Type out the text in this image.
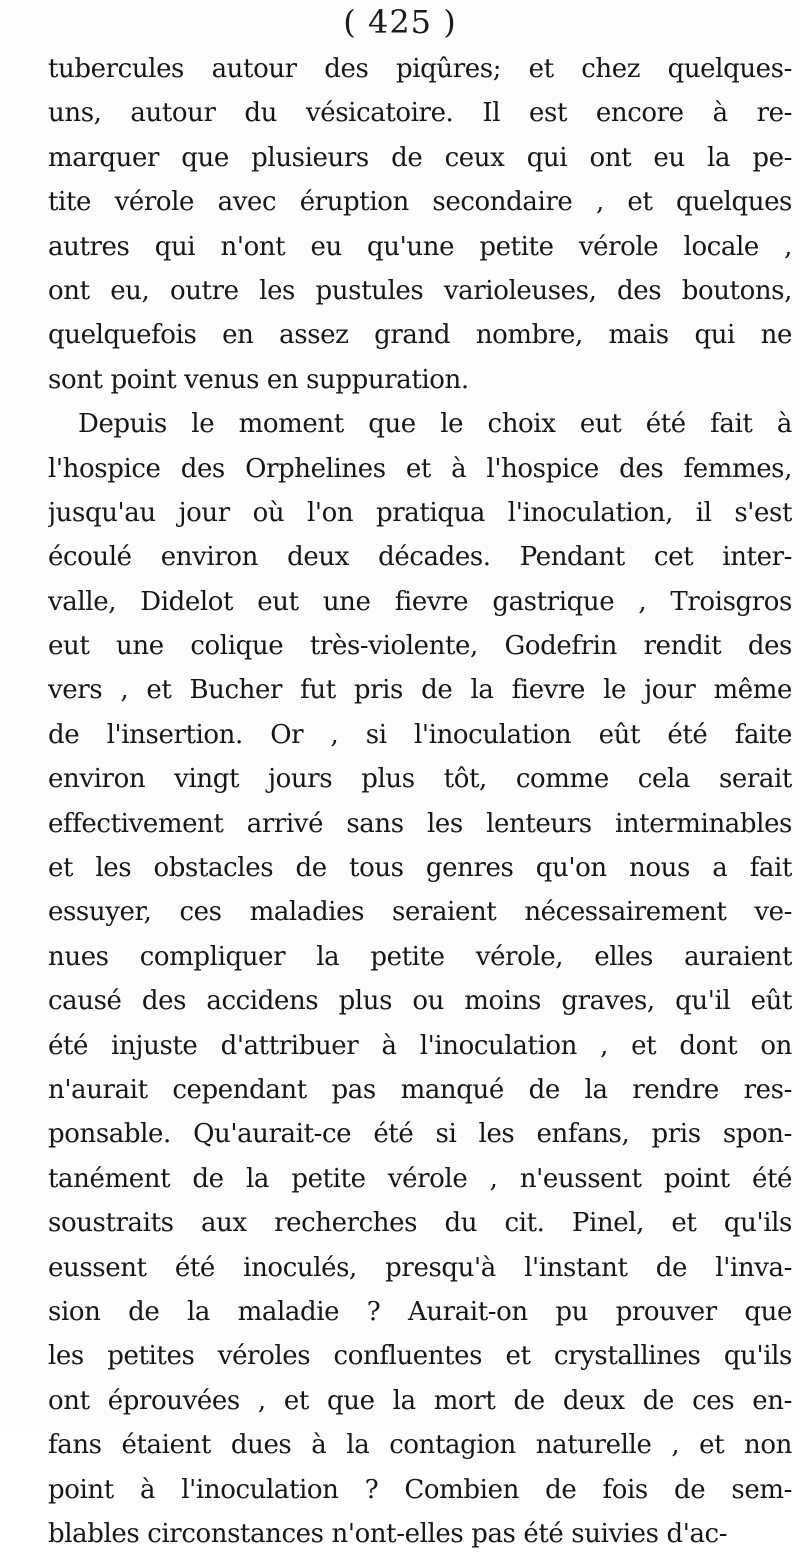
( 425 )
tubercules autour des piqûres; et chez quelques-
uns, autour du vésicatoire. Il est encore à re-
marquer que plusieurs de ceux qui ont eu la pe-
tite vérole avec éruption secondaire , et quelques
autres qui n'ont eu qu'une petite vérole locale ,
ont eu, outre les pustules varioleuses, des boutons,
quelquefois en assez grand nombre, mais qui ne
sont point venus en suppuration.
Depuis le moment que le choix eut été fait à
l'hospice des Orphelines et à l'hospice des femmes,
jusqu'au jour où l'on pratiqua l'inoculation, il s'est
écoulé environ deux décades. Pendant cet inter-
valle, Didelot eut une fievre gastrique , Troisgros
eut une colique très-violente, Godefrin rendit des
vers , et Bucher fut pris de la fievre le jour même
de l'insertion. Or , si l'inoculation eût été faite
environ vingt jours plus tôt, comme cela serait
effectivement arrivé sans les lenteurs interminables
et les obstacles de tous genres qu'on nous a fait
essuyer, ces maladies seraient nécessairement ve-
nues compliquer la petite vérole, elles auraient
causé des accidens plus ou moins graves, qu'il eût
été injuste d'attribuer à l'inoculation , et dont on
n'aurait cependant pas manqué de la rendre res-
ponsable. Qu'aurait-ce été si les enfans, pris spon-
tanément de la petite vérole , n'eussent point été
soustraits aux recherches du cit. Pinel, et qu'ils
eussent été inoculés, presqu'à l'instant de l'inva-
sion de la maladie ? Aurait-on pu prouver que
les petites véroles confluentes et crystallines qu'ils
ont éprouvées , et que la mort de deux de ces en-
fans étaient dues à la contagion naturelle , et non
point à l'inoculation ? Combien de fois de sem-
blables circonstances n'ont-elles pas été suivies d'ac-
